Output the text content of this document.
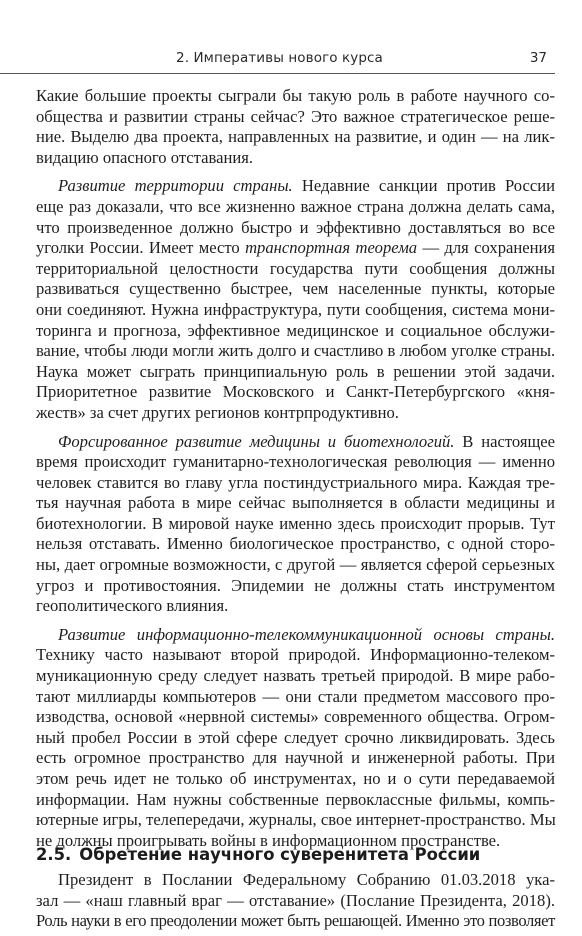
2. Императивы нового курса	37
Какие большие проекты сыграли бы такую роль в работе научного со-
общества и развитии страны сейчас? Это важное стратегическое реше-
ние. Выделю два проекта, направленных на развитие, и один — на лик-
видацию опасного отставания.
Развитие территории страны. Недавние санкции против России
еще раз доказали, что все жизненно важное страна должна делать сама,
что произведенное должно быстро и эффективно доставляться во все
уголки России. Имеет место транспортная теорема — для сохранения
территориальной целостности государства пути сообщения должны
развиваться существенно быстрее, чем населенные пункты, которые
они соединяют. Нужна инфраструктура, пути сообщения, система мони-
торинга и прогноза, эффективное медицинское и социальное обслужи-
вание, чтобы люди могли жить долго и счастливо в любом уголке страны.
Наука может сыграть принципиальную роль в решении этой задачи.
Приоритетное развитие Московского и Санкт-Петербургского «кня-
жеств» за счет других регионов контрпродуктивно.
Форсированное развитие медицины и биотехнологий. В настоящее
время происходит гуманитарно-технологическая революция — именно
человек ставится во главу угла постиндустриального мира. Каждая тре-
тья научная работа в мире сейчас выполняется в области медицины и
биотехнологии. В мировой науке именно здесь происходит прорыв. Тут
нельзя отставать. Именно биологическое пространство, с одной сторо-
ны, дает огромные возможности, с другой — является сферой серьезных
угроз и противостояния. Эпидемии не должны стать инструментом
геополитического влияния.
Развитие информационно-телекоммуникационной основы страны.
Технику часто называют второй природой. Информационно-телеком-
муникационную среду следует назвать третьей природой. В мире рабо-
тают миллиарды компьютеров — они стали предметом массового про-
изводства, основой «нервной системы» современного общества. Огром-
ный пробел России в этой сфере следует срочно ликвидировать. Здесь
есть огромное пространство для научной и инженерной работы. При
этом речь идет не только об инструментах, но и о сути передаваемой
информации. Нам нужны собственные первоклассные фильмы, компь-
ютерные игры, телепередачи, журналы, свое интернет-пространство. Мы
не должны проигрывать войны в информационном пространстве.
2.5. Обретение научного суверенитета России
Президент в Послании Федеральному Собранию 01.03.2018 ука-
зал — «наш главный враг — отставание» (Послание Президента, 2018).
Роль науки в его преодолении может быть решающей. Именно это позволяет
